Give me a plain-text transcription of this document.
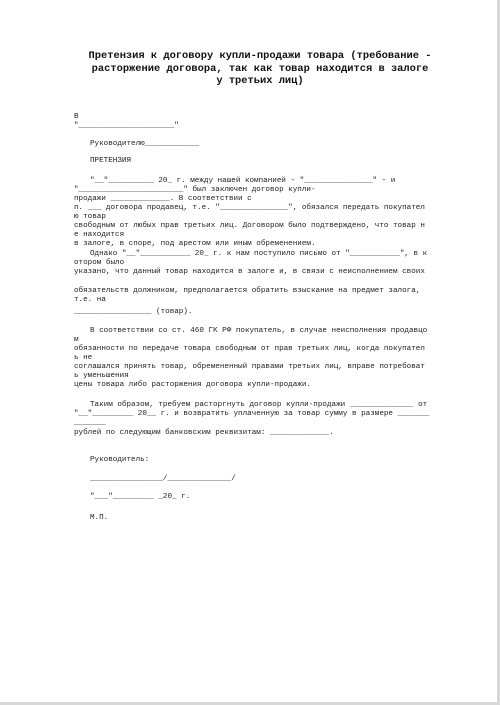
Претензия к договору купли-продажи товара (требование -
расторжение договора, так как товар находится в залоге
у третьих лиц)
В
"_____________________"
Руководителю____________
ПРЕТЕНЗИЯ
"__"__________ 20_ г. между нашей компанией - "_______________" - и
"_______________________" был заключен договор купли-
продажи _____________. В соответствии с
п. ___ договора продавец, т.е. "_______________", обязался передать покупател
ю товар
свободным от любых прав третьих лиц. Договором было подтверждено, что товар н
е находится
в залоге, в споре, под арестом или иным обременением.
Однако "__"___________ 20_ г. к нам поступило письмо от "___________", в к
отором было
указано, что данный товар находится в залоге и, в связи с неисполнением своих
обязательств должником, предполагается обратить взыскание на предмет залога,
т.е. на
_________________ (товар).
В соответствии со ст. 460 ГК РФ покупатель, в случае неисполнения продавцо
м
обязанности по передаче товара свободным от прав третьих лиц, когда покупател
ь не
соглашался принять товар, обремененный правами третьих лиц, вправе потребоват
ь уменьшения
цены товара либо расторжения договора купли-продажи.
Таким образом, требуем расторгнуть договор купли-продажи ______________ от
"__"_________ 20__ г. и возвратить уплаченную за товар сумму в размере _______
_______
рублей по следующим банковским реквизитам: _____________.
Руководитель:
________________/______________/
"___"_________ _20_ г.
М.П.
